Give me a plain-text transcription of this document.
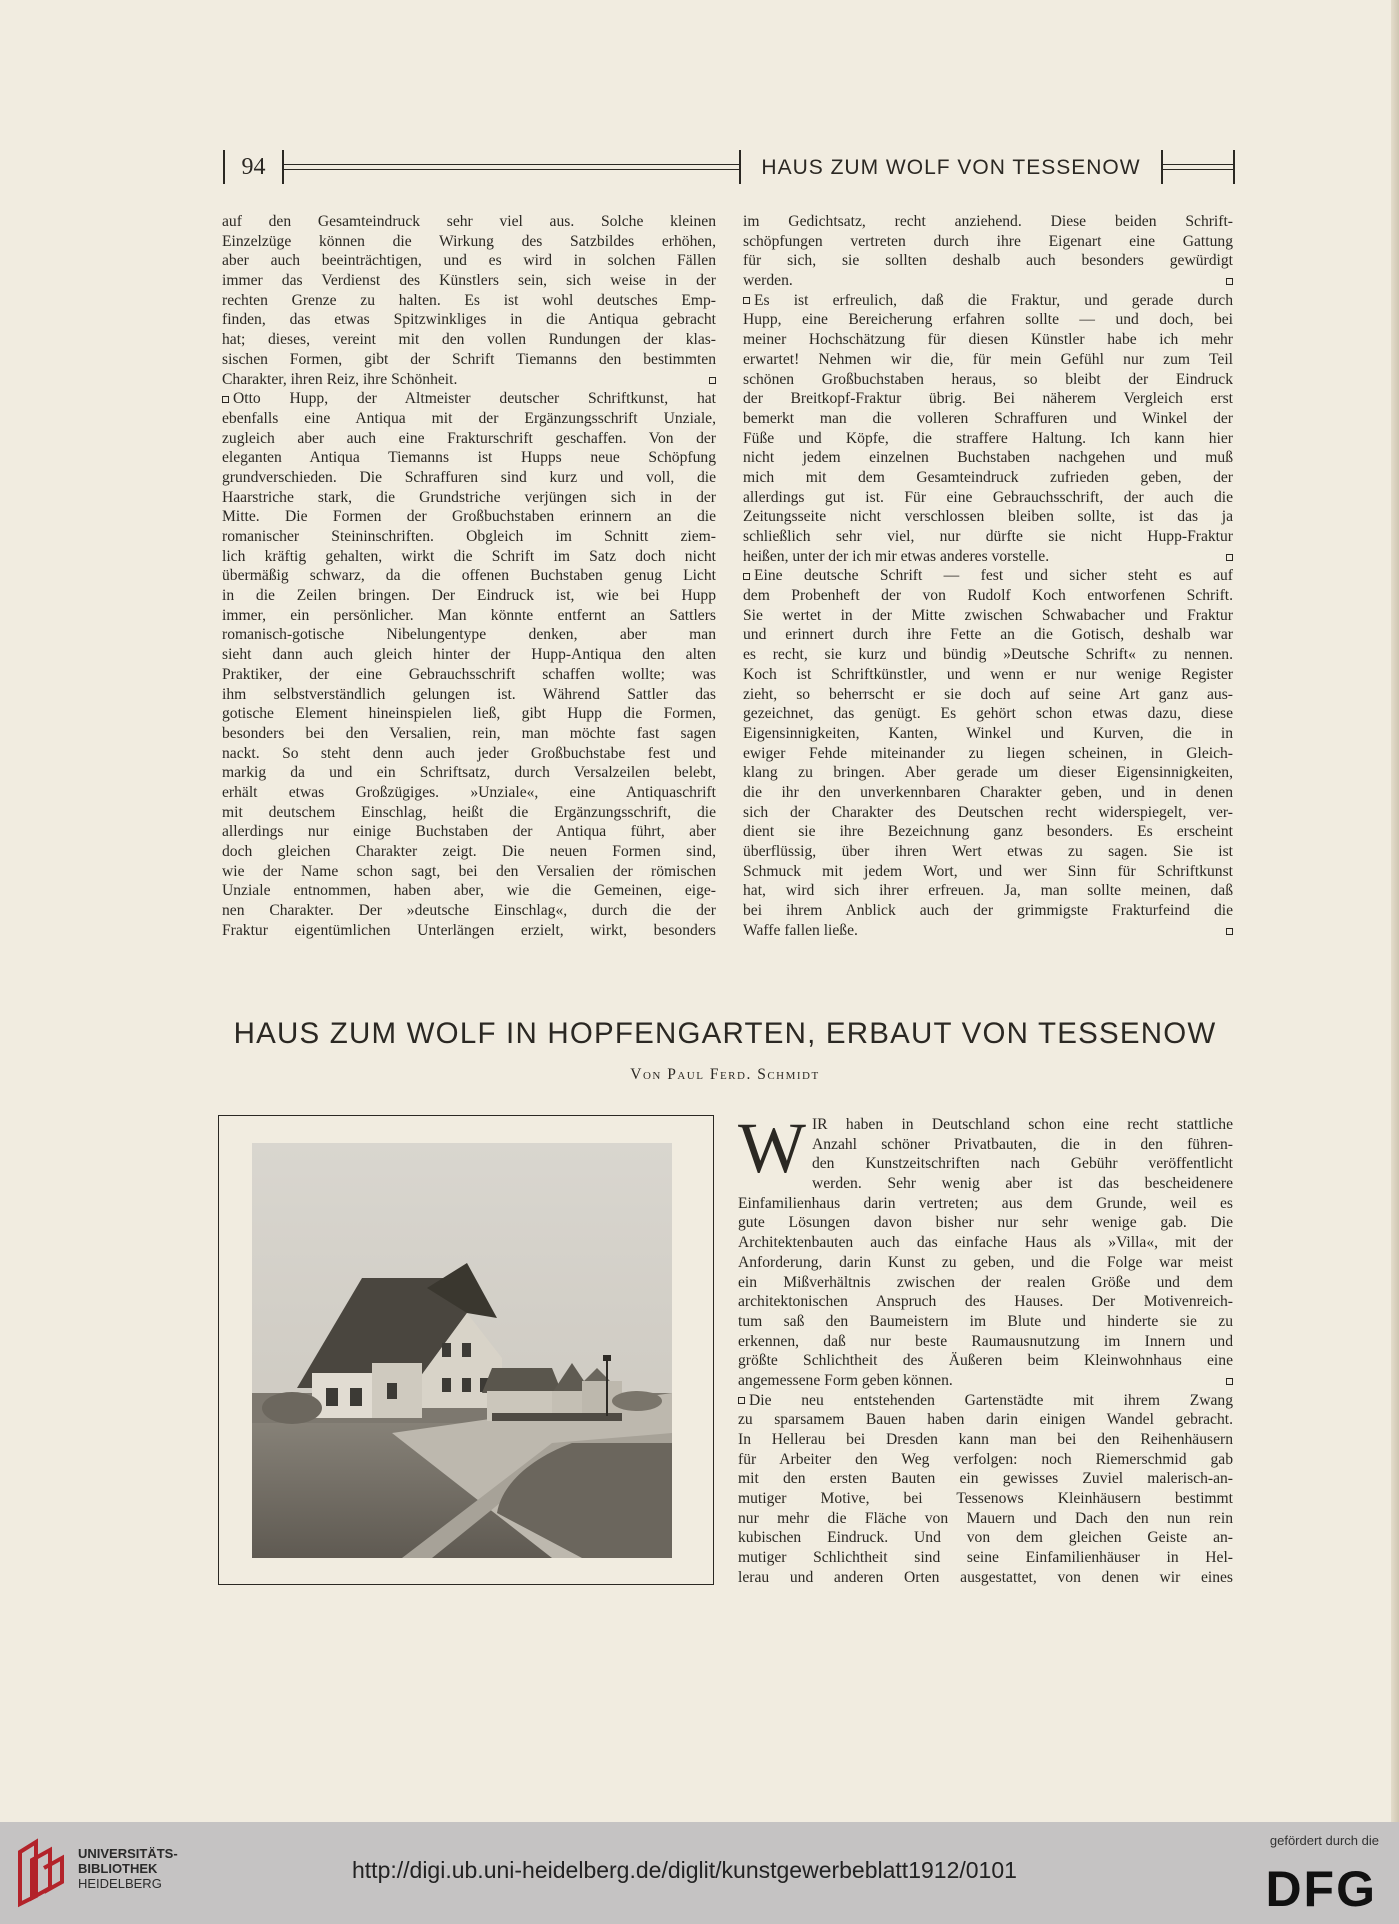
94	HAUS ZUM WOLF VON TESSENOW
auf den Gesamteindruck sehr viel aus. Solche kleinen
Einzelzüge können die Wirkung des Satzbildes erhöhen,
aber auch beeinträchtigen, und es wird in solchen Fällen
immer das Verdienst des Künstlers sein, sich weise in der
rechten Grenze zu halten. Es ist wohl deutsches Emp-
finden, das etwas Spitzwinkliges in die Antiqua gebracht
hat; dieses, vereint mit den vollen Rundungen der klas-
sischen Formen, gibt der Schrift Tiemanns den bestimmten
Charakter, ihren Reiz, ihre Schönheit.
Otto Hupp, der Altmeister deutscher Schriftkunst, hat
ebenfalls eine Antiqua mit der Ergänzungsschrift Unziale,
zugleich aber auch eine Frakturschrift geschaffen. Von der
eleganten Antiqua Tiemanns ist Hupps neue Schöpfung
grundverschieden. Die Schraffuren sind kurz und voll, die
Haarstriche stark, die Grundstriche verjüngen sich in der
Mitte. Die Formen der Großbuchstaben erinnern an die
romanischer Steininschriften. Obgleich im Schnitt ziem-
lich kräftig gehalten, wirkt die Schrift im Satz doch nicht
übermäßig schwarz, da die offenen Buchstaben genug Licht
in die Zeilen bringen. Der Eindruck ist, wie bei Hupp
immer, ein persönlicher. Man könnte entfernt an Sattlers
romanisch-gotische Nibelungentype denken, aber man
sieht dann auch gleich hinter der Hupp-Antiqua den alten
Praktiker, der eine Gebrauchsschrift schaffen wollte; was
ihm selbstverständlich gelungen ist. Während Sattler das
gotische Element hineinspielen ließ, gibt Hupp die Formen,
besonders bei den Versalien, rein, man möchte fast sagen
nackt. So steht denn auch jeder Großbuchstabe fest und
markig da und ein Schriftsatz, durch Versalzeilen belebt,
erhält etwas Großzügiges. »Unziale«, eine Antiquaschrift
mit deutschem Einschlag, heißt die Ergänzungsschrift, die
allerdings nur einige Buchstaben der Antiqua führt, aber
doch gleichen Charakter zeigt. Die neuen Formen sind,
wie der Name schon sagt, bei den Versalien der römischen
Unziale entnommen, haben aber, wie die Gemeinen, eige-
nen Charakter. Der »deutsche Einschlag«, durch die der
Fraktur eigentümlichen Unterlängen erzielt, wirkt, besonders
im Gedichtsatz, recht anziehend. Diese beiden Schrift-
schöpfungen vertreten durch ihre Eigenart eine Gattung
für sich, sie sollten deshalb auch besonders gewürdigt
werden.
Es ist erfreulich, daß die Fraktur, und gerade durch
Hupp, eine Bereicherung erfahren sollte — und doch, bei
meiner Hochschätzung für diesen Künstler habe ich mehr
erwartet! Nehmen wir die, für mein Gefühl nur zum Teil
schönen Großbuchstaben heraus, so bleibt der Eindruck
der Breitkopf-Fraktur übrig. Bei näherem Vergleich erst
bemerkt man die volleren Schraffuren und Winkel der
Füße und Köpfe, die straffere Haltung. Ich kann hier
nicht jedem einzelnen Buchstaben nachgehen und muß
mich mit dem Gesamteindruck zufrieden geben, der
allerdings gut ist. Für eine Gebrauchsschrift, der auch die
Zeitungsseite nicht verschlossen bleiben sollte, ist das ja
schließlich sehr viel, nur dürfte sie nicht Hupp-Fraktur
heißen, unter der ich mir etwas anderes vorstelle.
Eine deutsche Schrift — fest und sicher steht es auf
dem Probenheft der von Rudolf Koch entworfenen Schrift.
Sie wertet in der Mitte zwischen Schwabacher und Fraktur
und erinnert durch ihre Fette an die Gotisch, deshalb war
es recht, sie kurz und bündig »Deutsche Schrift« zu nennen.
Koch ist Schriftkünstler, und wenn er nur wenige Register
zieht, so beherrscht er sie doch auf seine Art ganz aus-
gezeichnet, das genügt. Es gehört schon etwas dazu, diese
Eigensinnigkeiten, Kanten, Winkel und Kurven, die in
ewiger Fehde miteinander zu liegen scheinen, in Gleich-
klang zu bringen. Aber gerade um dieser Eigensinnigkeiten,
die ihr den unverkennbaren Charakter geben, und in denen
sich der Charakter des Deutschen recht widerspiegelt, ver-
dient sie ihre Bezeichnung ganz besonders. Es erscheint
überflüssig, über ihren Wert etwas zu sagen. Sie ist
Schmuck mit jedem Wort, und wer Sinn für Schriftkunst
hat, wird sich ihrer erfreuen. Ja, man sollte meinen, daß
bei ihrem Anblick auch der grimmigste Frakturfeind die
Waffe fallen ließe.
HAUS ZUM WOLF IN HOPFENGARTEN, ERBAUT VON TESSENOW
Von Paul Ferd. Schmidt
W IR haben in Deutschland schon eine recht stattliche
Anzahl schöner Privatbauten, die in den führen-
den Kunstzeitschriften nach Gebühr veröffentlicht
werden. Sehr wenig aber ist das bescheidenere
Einfamilienhaus darin vertreten; aus dem Grunde, weil es
gute Lösungen davon bisher nur sehr wenige gab. Die
Architektenbauten auch das einfache Haus als »Villa«, mit der
Anforderung, darin Kunst zu geben, und die Folge war meist
ein Mißverhältnis zwischen der realen Größe und dem
architektonischen Anspruch des Hauses. Der Motivenreich-
tum saß den Baumeistern im Blute und hinderte sie zu
erkennen, daß nur beste Raumausnutzung im Innern und
größte Schlichtheit des Äußeren beim Kleinwohnhaus eine
angemessene Form geben können.
Die neu entstehenden Gartenstädte mit ihrem Zwang
zu sparsamem Bauen haben darin einigen Wandel gebracht.
In Hellerau bei Dresden kann man bei den Reihenhäusern
für Arbeiter den Weg verfolgen: noch Riemerschmid gab
mit den ersten Bauten ein gewisses Zuviel malerisch-an-
mutiger Motive, bei Tessenows Kleinhäusern bestimmt
nur mehr die Fläche von Mauern und Dach den nun rein
kubischen Eindruck. Und von dem gleichen Geiste an-
mutiger Schlichtheit sind seine Einfamilienhäuser in Hel-
lerau und anderen Orten ausgestattet, von denen wir eines
UNIVERSITÄTS-
BIBLIOTHEK
HEIDELBERG
http://digi.ub.uni-heidelberg.de/diglit/kunstgewerbeblatt1912/0101
gefördert durch die
DFG
